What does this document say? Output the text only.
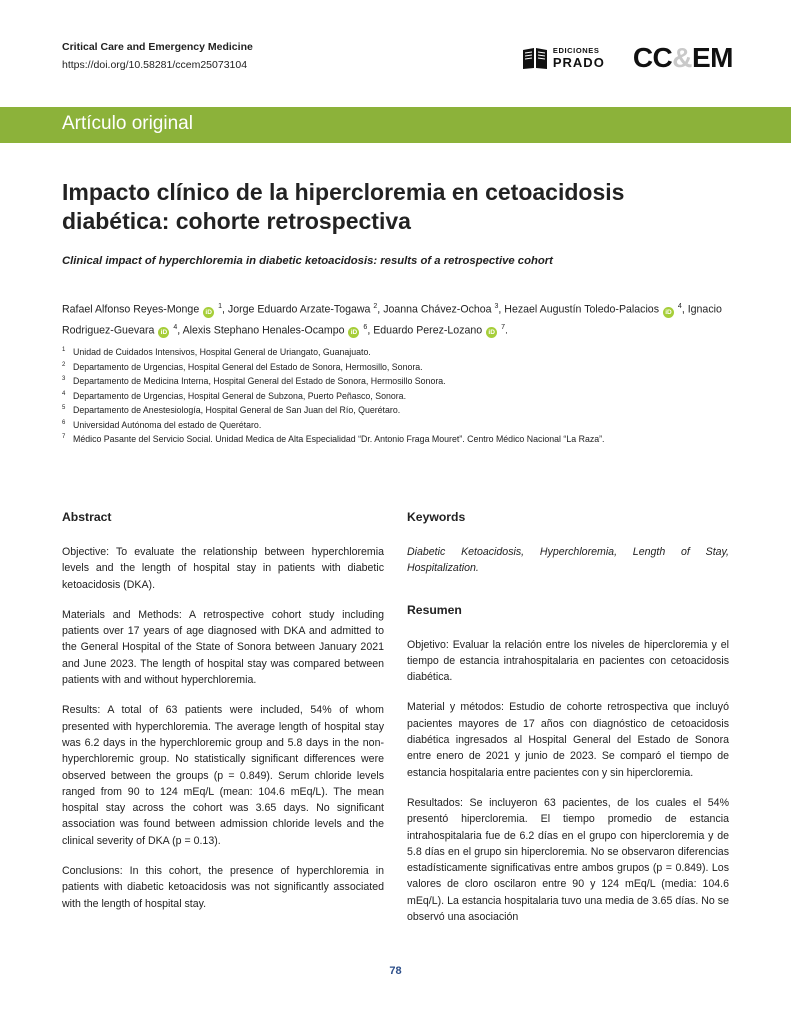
Critical Care and Emergency Medicine
https://doi.org/10.58281/ccem25073104
EDICIONES
PRADO CC&EM
Artículo original
Impacto clínico de la hipercloremia en cetoacidosis diabética: cohorte retrospectiva
Clinical impact of hyperchloremia in diabetic ketoacidosis: results of a retrospective cohort
Rafael Alfonso Reyes-Monge iD $^1$, Jorge Eduardo Arzate-Togawa $^2$, Joanna Chávez-Ochoa $^3$, Hezael Augustín Toledo-Palacios iD $^4$, Ignacio Rodriguez-Guevara iD $^4$, Alexis Stephano Henales-Ocampo iD $^6$, Eduardo Perez-Lozano iD $^7$.
$^1$ Unidad de Cuidados Intensivos, Hospital General de Uriangato, Guanajuato.
$^2$ Departamento de Urgencias, Hospital General del Estado de Sonora, Hermosillo, Sonora.
$^3$ Departamento de Medicina Interna, Hospital General del Estado de Sonora, Hermosillo Sonora.
$^4$ Departamento de Urgencias, Hospital General de Subzona, Puerto Peñasco, Sonora.
$^5$ Departamento de Anestesiología, Hospital General de San Juan del Río, Querétaro.
$^6$ Universidad Autónoma del estado de Querétaro.
$^7$ Médico Pasante del Servicio Social. Unidad Medica de Alta Especialidad “Dr. Antonio Fraga Mouret”. Centro Médico Nacional “La Raza”.
Abstract

Objective: To evaluate the relationship between hyperchloremia levels and the length of hospital stay in patients with diabetic ketoacidosis (DKA).

Materials and Methods: A retrospective cohort study including patients over 17 years of age diagnosed with DKA and admitted to the General Hospital of the State of Sonora between January 2021 and June 2023. The length of hospital stay was compared between patients with and without hyperchloremia.

Results: A total of 63 patients were included, 54% of whom presented with hyperchloremia. The average length of hospital stay was 6.2 days in the hyperchloremic group and 5.8 days in the non-hyperchloremic group. No statistically significant differences were observed between the groups (p = 0.849). Serum chloride levels ranged from 90 to 124 mEq/L (mean: 104.6 mEq/L). The mean hospital stay across the cohort was 3.65 days. No significant association was found between admission chloride levels and the clinical severity of DKA (p = 0.13).

Conclusions: In this cohort, the presence of hyperchloremia in patients with diabetic ketoacidosis was not significantly associated with the length of hospital stay.

Keywords

Diabetic Ketoacidosis, Hyperchloremia, Length of Stay, Hospitalization.

Resumen

Objetivo: Evaluar la relación entre los niveles de hipercloremia y el tiempo de estancia intrahospitalaria en pacientes con cetoacidosis diabética.

Material y métodos: Estudio de cohorte retrospectiva que incluyó pacientes mayores de 17 años con diagnóstico de cetoacidosis diabética ingresados al Hospital General del Estado de Sonora entre enero de 2021 y junio de 2023. Se comparó el tiempo de estancia hospitalaria entre pacientes con y sin hipercloremia.

Resultados: Se incluyeron 63 pacientes, de los cuales el 54% presentó hipercloremia. El tiempo promedio de estancia intrahospitalaria fue de 6.2 días en el grupo con hipercloremia y de 5.8 días en el grupo sin hipercloremia. No se observaron diferencias estadísticamente significativas entre ambos grupos (p = 0.849). Los valores de cloro oscilaron entre 90 y 124 mEq/L (media: 104.6 mEq/L). La estancia hospitalaria tuvo una media de 3.65 días. No se observó una asociación

78
